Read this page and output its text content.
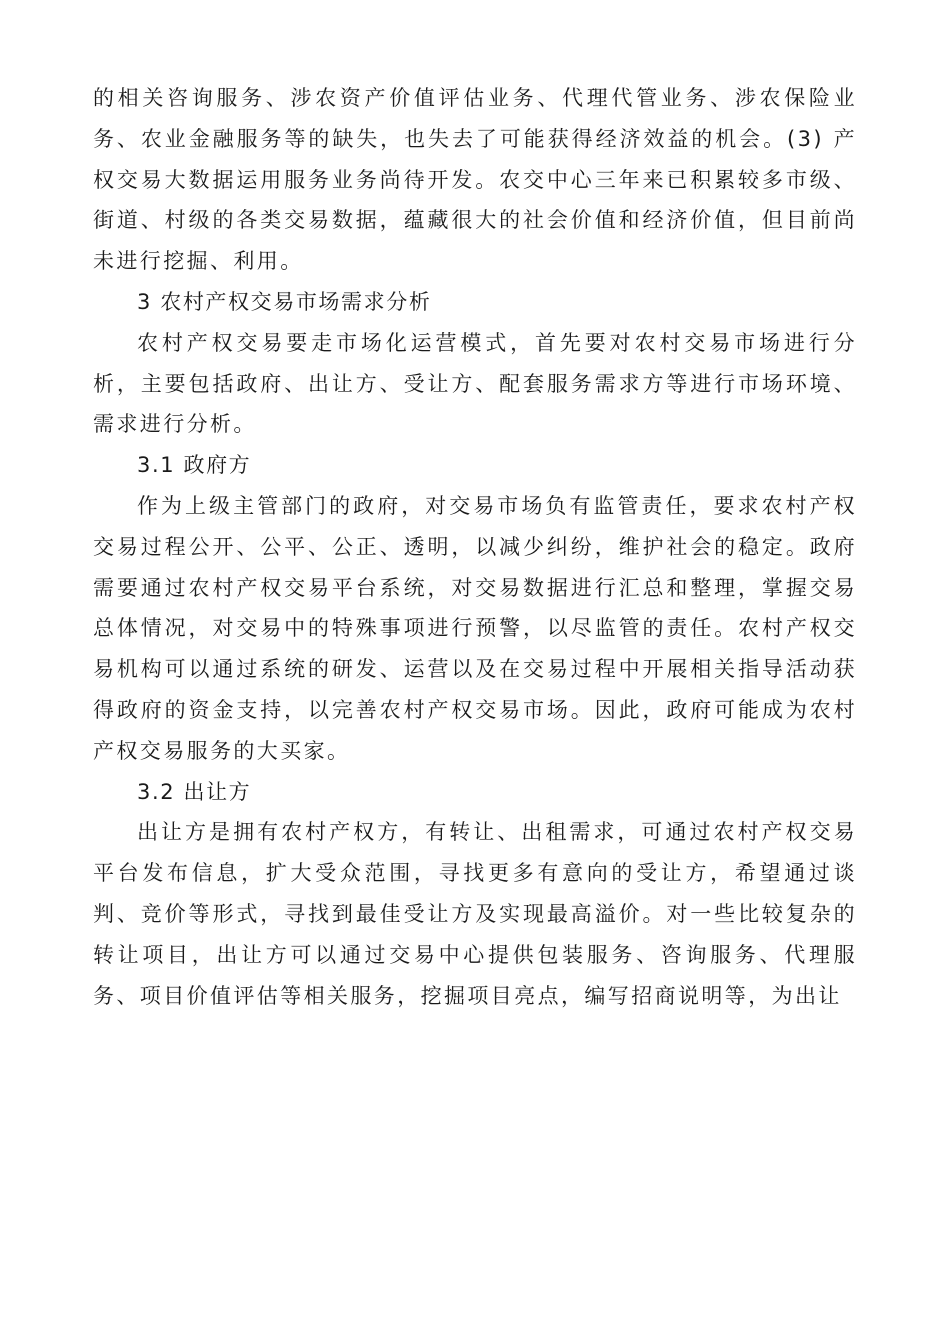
的相关咨询服务、涉农资产价值评估业务、代理代管业务、涉农保险业务、农业金融服务等的缺失，也失去了可能获得经济效益的机会。(3) 产权交易大数据运用服务业务尚待开发。农交中心三年来已积累较多市级、街道、村级的各类交易数据，蕴藏很大的社会价值和经济价值，但目前尚未进行挖掘、利用。

3 农村产权交易市场需求分析

农村产权交易要走市场化运营模式，首先要对农村交易市场进行分析，主要包括政府、出让方、受让方、配套服务需求方等进行市场环境、需求进行分析。

3.1 政府方

作为上级主管部门的政府，对交易市场负有监管责任，要求农村产权交易过程公开、公平、公正、透明，以减少纠纷，维护社会的稳定。政府需要通过农村产权交易平台系统，对交易数据进行汇总和整理，掌握交易总体情况，对交易中的特殊事项进行预警，以尽监管的责任。农村产权交易机构可以通过系统的研发、运营以及在交易过程中开展相关指导活动获得政府的资金支持，以完善农村产权交易市场。因此，政府可能成为农村产权交易服务的大买家。

3.2 出让方

出让方是拥有农村产权方，有转让、出租需求，可通过农村产权交易平台发布信息，扩大受众范围，寻找更多有意向的受让方，希望通过谈判、竞价等形式，寻找到最佳受让方及实现最高溢价。对一些比较复杂的转让项目，出让方可以通过交易中心提供包装服务、咨询服务、代理服务、项目价值评估等相关服务，挖掘项目亮点，编写招商说明等，为出让
